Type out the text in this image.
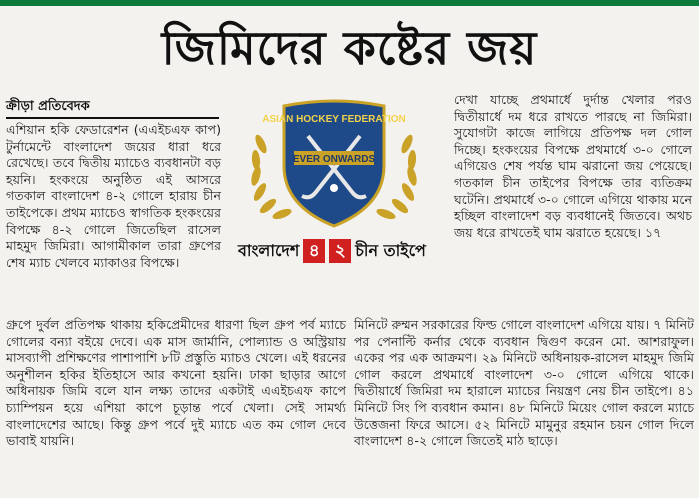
জিমিদের কষ্টের জয়
ক্রীড়া প্রতিবেদক

এশিয়ান হকি ফেডারেশন (এএইচএফ কাপ) টুর্নামেন্টে বাংলাদেশ জয়ের ধারা ধরে রেখেছে। তবে দ্বিতীয় ম্যাচেও ব্যবধানটা বড় হয়নি। হংকংয়ে অনুষ্ঠিত এই আসরে গতকাল বাংলাদেশ ৪-২ গোলে হারায় চীন তাইপেকে। প্রথম ম্যাচেও স্বাগতিক হংকংয়ের বিপক্ষে ৪-২ গোলে জিতেছিল রাসেল মাহমুদ জিমিরা। আগামীকাল তারা গ্রুপের শেষ ম্যাচ খেলবে ম্যাকাওর বিপক্ষে।

ASIAN HOCKEY FEDERATION
EVER ONWARDS
বাংলাদেশ ৪ ২ চীন তাইপে

দেখা যাচ্ছে প্রথমার্ধে দুর্দান্ত খেলার পরও দ্বিতীয়ার্ধে দম ধরে রাখতে পারছে না জিমিরা। সুযোগটা কাজে লাগিয়ে প্রতিপক্ষ দল গোল দিচ্ছে। হংকংয়ের বিপক্ষে প্রথমার্ধে ৩-০ গোলে এগিয়েও শেষ পর্যন্ত ঘাম ঝরানো জয় পেয়েছে। গতকাল চীন তাইপের বিপক্ষে তার ব্যতিক্রম ঘটেনি। প্রথমার্ধে ৩-০ গোলে এগিয়ে থাকায় মনে হচ্ছিল বাংলাদেশ বড় ব্যবধানেই জিতবে। অথচ জয় ধরে রাখতেই ঘাম ঝরাতে হয়েছে। ১৭

গ্রুপে দুর্বল প্রতিপক্ষ থাকায় হকিপ্রেমীদের ধারণা ছিল গ্রুপ পর্ব ম্যাচে গোলের বন্যা বইয়ে দেবে। এক মাস জার্মানি, পোল্যান্ড ও অস্ট্রিয়ায় মাসব্যাপী প্রশিক্ষণের পাশাপাশি ৮টি প্রস্তুতি ম্যাচও খেলে। এই ধরনের অনুশীলন হকির ইতিহাসে আর কখনো হয়নি। ঢাকা ছাড়ার আগে অধিনায়ক জিমি বলে যান লক্ষ্য তাদের একটাই এএইচএফ কাপে চ্যাম্পিয়ন হয়ে এশিয়া কাপে চূড়ান্ত পর্বে খেলা। সেই সামর্থ্য বাংলাদেশের আছে। কিন্তু গ্রুপ পর্বে দুই ম্যাচে এত কম গোল দেবে ভাবাই যায়নি।

মিনিটে রুম্মন সরকারের ফিল্ড গোলে বাংলাদেশ এগিয়ে যায়। ৭ মিনিট পর পেনাল্টি কর্নার থেকে ব্যবধান দ্বিগুণ করেন মো. আশরাফুল। একের পর এক আক্রমণ। ২৯ মিনিটে অধিনায়ক-রাসেল মাহমুদ জিমি গোল করলে প্রথমার্ধে বাংলাদেশ ৩-০ গোলে এগিয়ে থাকে। দ্বিতীয়ার্ধে জিমিরা দম হারালে ম্যাচের নিয়ন্ত্রণ নেয় চীন তাইপে। ৪১ মিনিটে সিং পি ব্যবধান কমান। ৪৮ মিনিটে মিয়েং গোল করলে ম্যাচে উত্তেজনা ফিরে আসে। ৫২ মিনিটে মামুনুর রহমান চয়ন গোল দিলে বাংলাদেশ ৪-২ গোলে জিতেই মাঠ ছাড়ে।
